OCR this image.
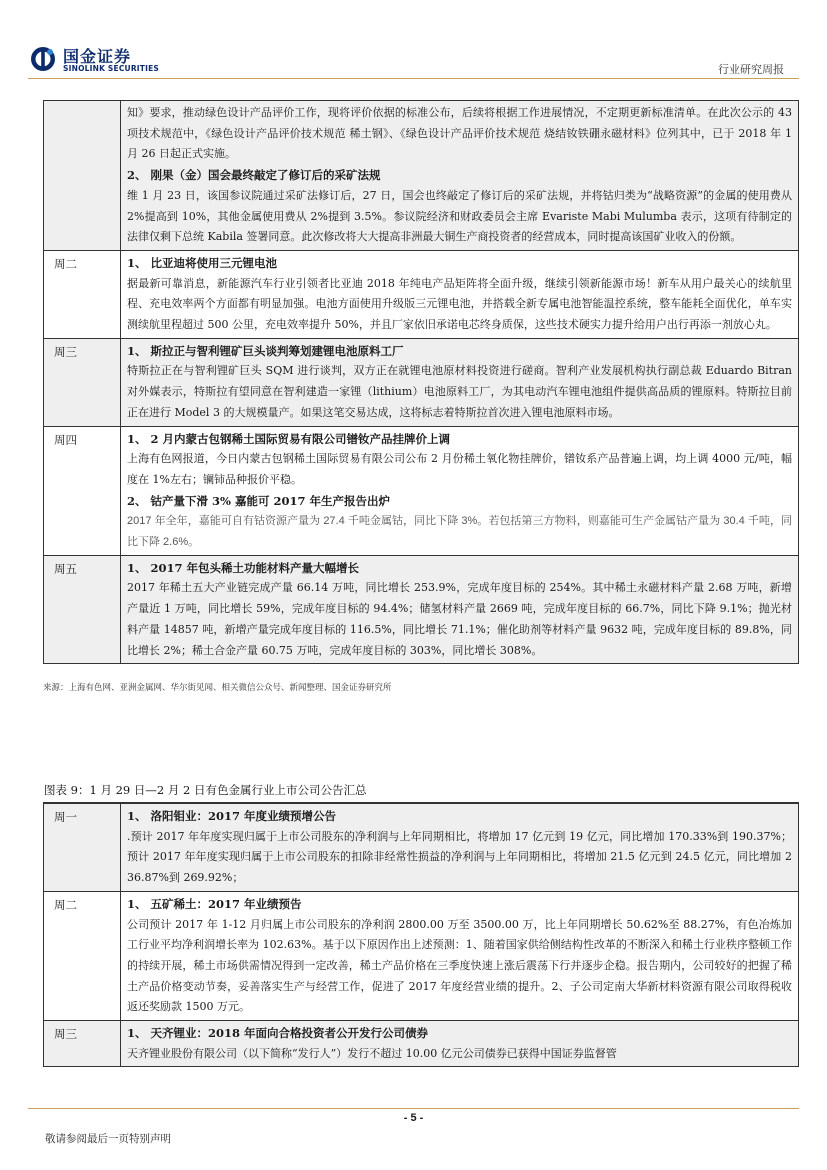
国金证券
SINOLINK SECURITIES	行业研究周报

	知》要求，推动绿色设计产品评价工作，现将评价依据的标准公布，后续将根据工作进展情况，不定期更新标准清单。在此次公示的 43 项技术规范中，《绿色设计产品评价技术规范 稀土钢》、《绿色设计产品评价技术规范 烧结钕铁硼永磁材料》位列其中，已于 2018 年 1 月 26 日起正式实施。
2、 刚果（金）国会最终敲定了修订后的采矿法规
维 1 月 23 日，该国参议院通过采矿法修订后，27 日，国会也终敲定了修订后的采矿法规，并将钴归类为“战略资源”的金属的使用费从 2%提高到 10%，其他金属使用费从 2%提到 3.5%。参议院经济和财政委员会主席 Evariste Mabi Mulumba 表示，这项有待制定的法律仅剩下总统 Kabila 签署同意。此次修改将大大提高非洲最大铜生产商投资者的经营成本，同时提高该国矿业收入的份额。

周二	1、 比亚迪将使用三元锂电池
据最新可靠消息，新能源汽车行业引领者比亚迪 2018 年纯电产品矩阵将全面升级，继续引领新能源市场！新车从用户最关心的续航里程、充电效率两个方面都有明显加强。电池方面使用升级版三元锂电池，并搭载全新专属电池智能温控系统，整车能耗全面优化，单车实测续航里程超过 500 公里，充电效率提升 50%，并且厂家依旧承诺电芯终身质保，这些技术硬实力提升给用户出行再添一剂放心丸。

周三	1、 斯拉正与智利锂矿巨头谈判筹划建锂电池原料工厂
特斯拉正在与智利锂矿巨头 SQM 进行谈判，双方正在就锂电池原材料投资进行磋商。智利产业发展机构执行副总裁 Eduardo Bitran 对外媒表示，特斯拉有望同意在智利建造一家锂（lithium）电池原料工厂，为其电动汽车锂电池组件提供高品质的锂原料。特斯拉目前正在进行 Model 3 的大规模量产。如果这笔交易达成，这将标志着特斯拉首次进入锂电池原料市场。

周四	1、 2 月内蒙古包钢稀土国际贸易有限公司镨钕产品挂牌价上调
上海有色网报道，今日内蒙古包钢稀土国际贸易有限公司公布 2 月份稀土氧化物挂牌价，镨钕系产品普遍上调，均上调 4000 元/吨，幅度在 1%左右；镧铈品种报价平稳。
2、 钴产量下滑 3% 嘉能可 2017 年生产报告出炉
2017 年全年，嘉能可自有钴资源产量为 27.4 千吨金属钴，同比下降 3%。若包括第三方物料，则嘉能可生产金属钴产量为 30.4 千吨，同比下降 2.6%。

周五	1、 2017 年包头稀土功能材料产量大幅增长
2017 年稀土五大产业链完成产量 66.14 万吨，同比增长 253.9%，完成年度目标的 254%。其中稀土永磁材料产量 2.68 万吨，新增产量近 1 万吨，同比增长 59%，完成年度目标的 94.4%；储氢材料产量 2669 吨，完成年度目标的 66.7%，同比下降 9.1%；抛光材料产量 14857 吨，新增产量完成年度目标的 116.5%，同比增长 71.1%；催化助剂等材料产量 9632 吨，完成年度目标的 89.8%，同比增长 2%；稀土合金产量 60.75 万吨，完成年度目标的 303%，同比增长 308%。
来源：上海有色网、亚洲金属网、华尔街见闻、相关微信公众号、新闻整理、国金证券研究所
图表 9：1 月 29 日—2 月 2 日有色金属行业上市公司公告汇总
周一	1、 洛阳钼业：2017 年度业绩预增公告
.预计 2017 年年度实现归属于上市公司股东的净利润与上年同期相比，将增加 17 亿元到 19 亿元，同比增加 170.33%到 190.37%；预计 2017 年年度实现归属于上市公司股东的扣除非经常性损益的净利润与上年同期相比，将增加 21.5 亿元到 24.5 亿元，同比增加 236.87%到 269.92%；

周二	1、 五矿稀土：2017 年业绩预告
公司预计 2017 年 1-12 月归属上市公司股东的净利润 2800.00 万至 3500.00 万，比上年同期增长 50.62%至 88.27%，有色冶炼加工行业平均净利润增长率为 102.63%。基于以下原因作出上述预测：1、随着国家供给侧结构性改革的不断深入和稀土行业秩序整顿工作的持续开展，稀土市场供需情况得到一定改善，稀土产品价格在三季度快速上涨后震荡下行并逐步企稳。报告期内，公司较好的把握了稀土产品价格变动节奏，妥善落实生产与经营工作，促进了 2017 年度经营业绩的提升。2、子公司定南大华新材料资源有限公司取得税收返还奖励款 1500 万元。

周三	1、 天齐锂业：2018 年面向合格投资者公开发行公司债券
天齐锂业股份有限公司（以下简称“发行人”）发行不超过 10.00 亿元公司债券已获得中国证券监督管
- 5 -
敬请参阅最后一页特别声明
